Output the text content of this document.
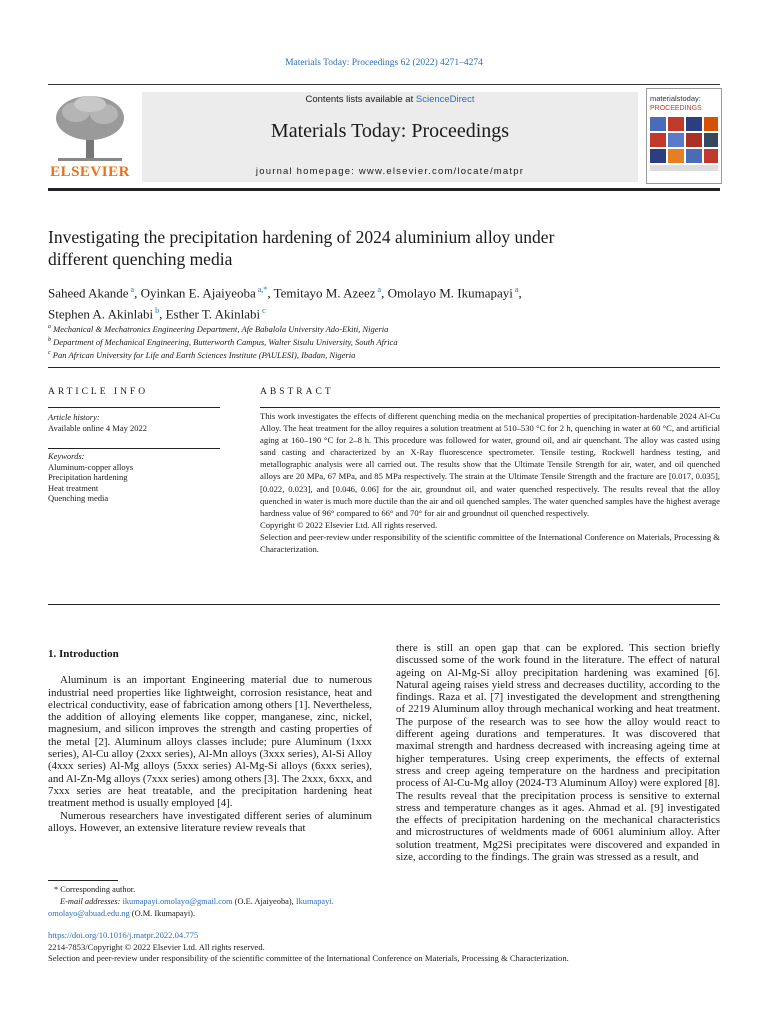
Materials Today: Proceedings 62 (2022) 4271–4274
ELSEVIER
Contents lists available at ScienceDirect
Materials Today: Proceedings
journal homepage: www.elsevier.com/locate/matpr
materialstoday:
PROCEEDINGS
Investigating the precipitation hardening of 2024 aluminium alloy under
different quenching media
Saheed Akande $^a$, Oyinkan E. Ajaiyeoba $^{a,*}$, Temitayo M. Azeez $^a$, Omolayo M. Ikumapayi $^a$,
Stephen A. Akinlabi $^b$, Esther T. Akinlabi $^c$
$^a$ Mechanical & Mechatronics Engineering Department, Afe Babalola University Ado-Ekiti, Nigeria
$^b$ Department of Mechanical Engineering, Butterworth Campus, Walter Sisulu University, South Africa
$^c$ Pan African University for Life and Earth Sciences Institute (PAULESI), Ibadan, Nigeria
ARTICLE INFO
Article history:
Available online 4 May 2022
Keywords:
Aluminum-copper alloys
Precipitation hardening
Heat treatment
Quenching media
ABSTRACT

This work investigates the effects of different quenching media on the mechanical properties of precipitation-hardenable 2024 Al-Cu Alloy. The heat treatment for the alloy requires a solution treatment at 510–530 °C for 2 h, quenching in water at 60 °C, and artificial aging at 160–190 °C for 2–8 h. This procedure was followed for water, ground oil, and air quenchant. The alloy was casted using sand casting and characterized by an X-Ray fluorescence spectrometer. Tensile testing, Rockwell hardness testing, and metallographic analysis were all carried out. The results show that the Ultimate Tensile Strength for air, water, and oil quenched alloys are 20 MPa, 67 MPa, and 85 MPa respectively. The strain at the Ultimate Tensile Strength and the fracture are [0.017, 0.035], [0.022, 0.023], and [0.046, 0.06] for the air, groundnut oil, and water quenched respectively. The results reveal that the alloy quenched in water is much more ductile than the air and oil quenched samples. The water quenched samples have the highest average hardness value of 96° compared to 66° and 70° for air and groundnut oil quenched respectively.

Copyright © 2022 Elsevier Ltd. All rights reserved.

Selection and peer-review under responsibility of the scientific committee of the International Conference on Materials, Processing & Characterization.

1. Introduction

Aluminum is an important Engineering material due to numerous industrial need properties like lightweight, corrosion resistance, heat and electrical conductivity, ease of fabrication among others [1]. Nevertheless, the addition of alloying elements like copper, manganese, zinc, nickel, magnesium, and silicon improves the strength and casting properties of the metal [2]. Aluminum alloys classes include; pure Aluminum (1xxx series), Al-Cu alloy (2xxx series), Al-Mn alloys (3xxx series), Al-Si Alloy (4xxx series) Al-Mg alloys (5xxx series) Al-Mg-Si alloys (6xxx series), and Al-Zn-Mg alloys (7xxx series) among others [3]. The 2xxx, 6xxx, and 7xxx series are heat treatable, and the precipitation hardening heat treatment method is usually employed [4].

Numerous researchers have investigated different series of aluminum alloys. However, an extensive literature review reveals that

there is still an open gap that can be explored. This section briefly discussed some of the work found in the literature. The effect of natural ageing on Al-Mg-Si alloy precipitation hardening was examined [6]. Natural ageing raises yield stress and decreases ductility, according to the findings. Raza et al. [7] investigated the development and strengthening of 2219 Aluminum alloy through mechanical working and heat treatment. The purpose of the research was to see how the alloy would react to different ageing durations and temperatures. It was discovered that maximal strength and hardness decreased with increasing ageing time at higher temperatures. Using creep experiments, the effects of external stress and creep ageing temperature on the hardness and precipitation process of Al-Cu-Mg alloy (2024-T3 Aluminum Alloy) were explored [8]. The results reveal that the precipitation process is sensitive to external stress and temperature changes as it ages. Ahmad et al. [9] investigated the effects of precipitation hardening on the mechanical characteristics and microstructures of weldments made of 6061 aluminium alloy. After solution treatment, Mg2Si precipitates were discovered and expanded in size, according to the findings. The grain was stressed as a result, and

* Corresponding author.
E-mail addresses: ikumapayi.omolayo@gmail.com (O.E. Ajaiyeoba), Ikumapayi.
omolayo@abuad.edu.ng (O.M. Ikumapayi).
https://doi.org/10.1016/j.matpr.2022.04.775
2214-7853/Copyright © 2022 Elsevier Ltd. All rights reserved.
Selection and peer-review under responsibility of the scientific committee of the International Conference on Materials, Processing & Characterization.
